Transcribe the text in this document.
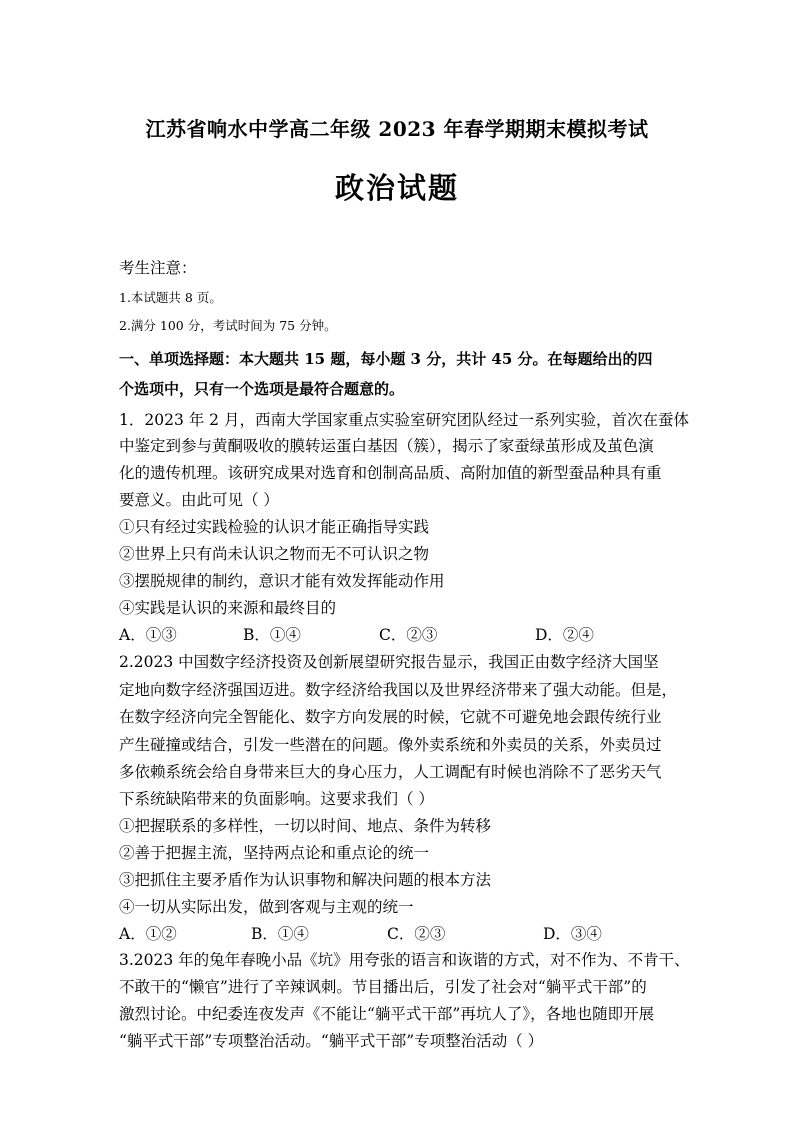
江苏省响水中学高二年级 2023 年春学期期末模拟考试
政治试题
考生注意：
1.本试题共 8 页。
2.满分 100 分，考试时间为 75 分钟。
一、单项选择题：本大题共 15 题，每小题 3 分，共计 45 分。在每题给出的四
个选项中，只有一个选项是最符合题意的。
1．2023 年 2 月，西南大学国家重点实验室研究团队经过一系列实验，首次在蚕体
中鉴定到参与黄酮吸收的膜转运蛋白基因（簇），揭示了家蚕绿茧形成及茧色演
化的遗传机理。该研究成果对选育和创制高品质、高附加值的新型蚕品种具有重
要意义。由此可见（ ）
①只有经过实践检验的认识才能正确指导实践
②世界上只有尚未认识之物而无不可认识之物
③摆脱规律的制约，意识才能有效发挥能动作用
④实践是认识的来源和最终目的
A．①③	B．①④	C．②③	D．②④
2.2023 中国数字经济投资及创新展望研究报告显示，我国正由数字经济大国坚
定地向数字经济强国迈进。数字经济给我国以及世界经济带来了强大动能。但是，
在数字经济向完全智能化、数字方向发展的时候，它就不可避免地会跟传统行业
产生碰撞或结合，引发一些潜在的问题。像外卖系统和外卖员的关系，外卖员过
多依赖系统会给自身带来巨大的身心压力，人工调配有时候也消除不了恶劣天气
下系统缺陷带来的负面影响。这要求我们（ ）
①把握联系的多样性，一切以时间、地点、条件为转移
②善于把握主流，坚持两点论和重点论的统一
③把抓住主要矛盾作为认识事物和解决问题的根本方法
④一切从实际出发，做到客观与主观的统一
A．①②	B．①④	C．②③	D．③④
3.2023 年的兔年春晚小品《坑》用夸张的语言和诙谐的方式，对不作为、不肯干、
不敢干的“懒官”进行了辛辣讽刺。节目播出后，引发了社会对“躺平式干部”的
激烈讨论。中纪委连夜发声《不能让“躺平式干部”再坑人了》，各地也随即开展
“躺平式干部”专项整治活动。“躺平式干部”专项整治活动（ ）
